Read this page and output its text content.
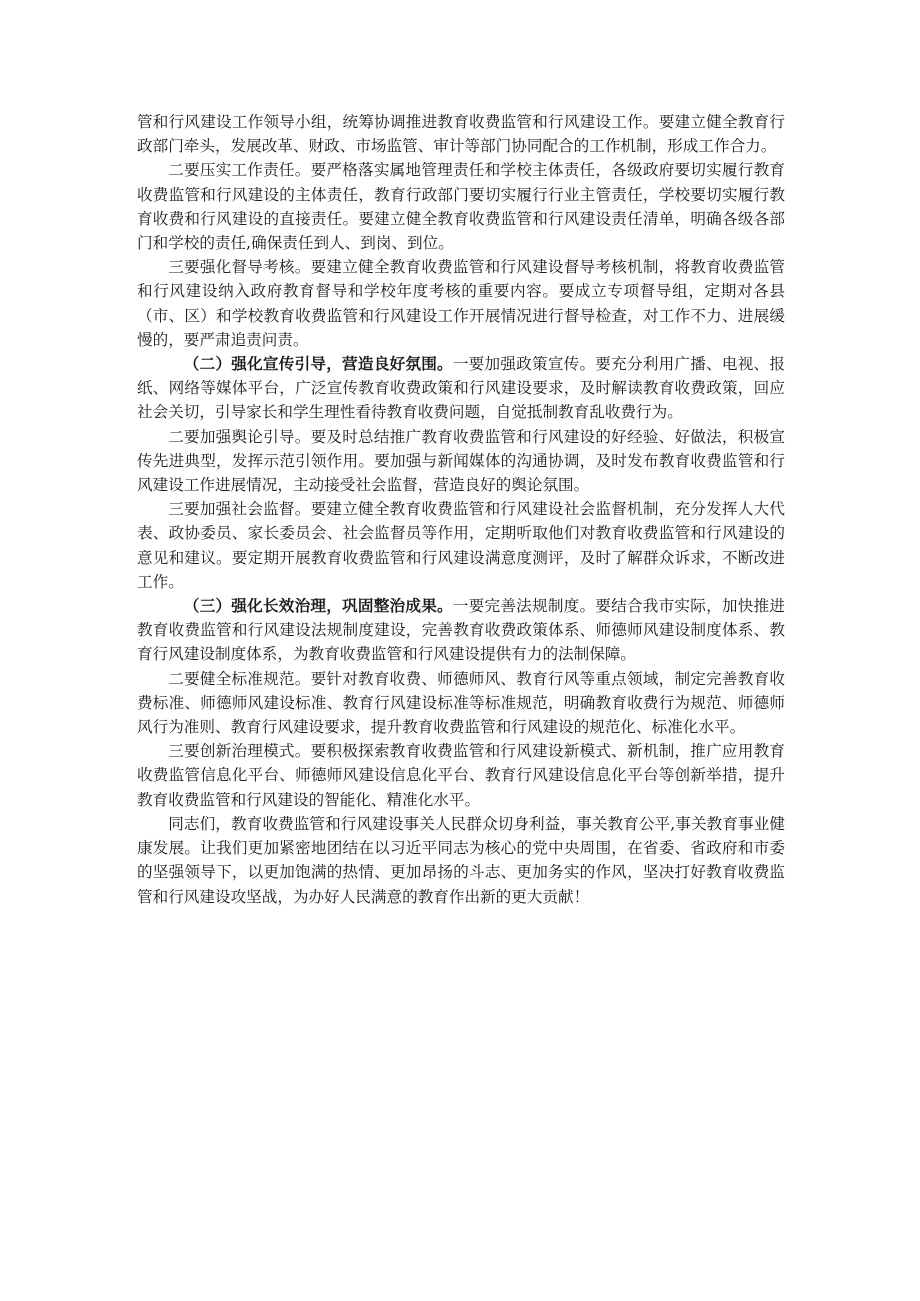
管和行风建设工作领导小组，统筹协调推进教育收费监管和行风建设工作。要建立健全教育行政部门牵头，发展改革、财政、市场监管、审计等部门协同配合的工作机制，形成工作合力。

二要压实工作责任。要严格落实属地管理责任和学校主体责任，各级政府要切实履行教育收费监管和行风建设的主体责任，教育行政部门要切实履行行业主管责任，学校要切实履行教育收费和行风建设的直接责任。要建立健全教育收费监管和行风建设责任清单，明确各级各部门和学校的责任,确保责任到人、到岗、到位。

三要强化督导考核。要建立健全教育收费监管和行风建设督导考核机制，将教育收费监管和行风建设纳入政府教育督导和学校年度考核的重要内容。要成立专项督导组，定期对各县（市、区）和学校教育收费监管和行风建设工作开展情况进行督导检查，对工作不力、进展缓慢的，要严肃追责问责。

（二）强化宣传引导，营造良好氛围。一要加强政策宣传。要充分利用广播、电视、报纸、网络等媒体平台，广泛宣传教育收费政策和行风建设要求，及时解读教育收费政策，回应社会关切，引导家长和学生理性看待教育收费问题，自觉抵制教育乱收费行为。

二要加强舆论引导。要及时总结推广教育收费监管和行风建设的好经验、好做法，积极宣传先进典型，发挥示范引领作用。要加强与新闻媒体的沟通协调，及时发布教育收费监管和行风建设工作进展情况，主动接受社会监督，营造良好的舆论氛围。

三要加强社会监督。要建立健全教育收费监管和行风建设社会监督机制，充分发挥人大代表、政协委员、家长委员会、社会监督员等作用，定期听取他们对教育收费监管和行风建设的意见和建议。要定期开展教育收费监管和行风建设满意度测评，及时了解群众诉求，不断改进工作。

（三）强化长效治理，巩固整治成果。一要完善法规制度。要结合我市实际，加快推进教育收费监管和行风建设法规制度建设，完善教育收费政策体系、师德师风建设制度体系、教育行风建设制度体系，为教育收费监管和行风建设提供有力的法制保障。

二要健全标准规范。要针对教育收费、师德师风、教育行风等重点领域，制定完善教育收费标准、师德师风建设标准、教育行风建设标准等标准规范，明确教育收费行为规范、师德师风行为准则、教育行风建设要求，提升教育收费监管和行风建设的规范化、标准化水平。

三要创新治理模式。要积极探索教育收费监管和行风建设新模式、新机制，推广应用教育收费监管信息化平台、师德师风建设信息化平台、教育行风建设信息化平台等创新举措，提升教育收费监管和行风建设的智能化、精准化水平。

同志们，教育收费监管和行风建设事关人民群众切身利益，事关教育公平,事关教育事业健康发展。让我们更加紧密地团结在以习近平同志为核心的党中央周围，在省委、省政府和市委的坚强领导下，以更加饱满的热情、更加昂扬的斗志、更加务实的作风，坚决打好教育收费监管和行风建设攻坚战，为办好人民满意的教育作出新的更大贡献！
